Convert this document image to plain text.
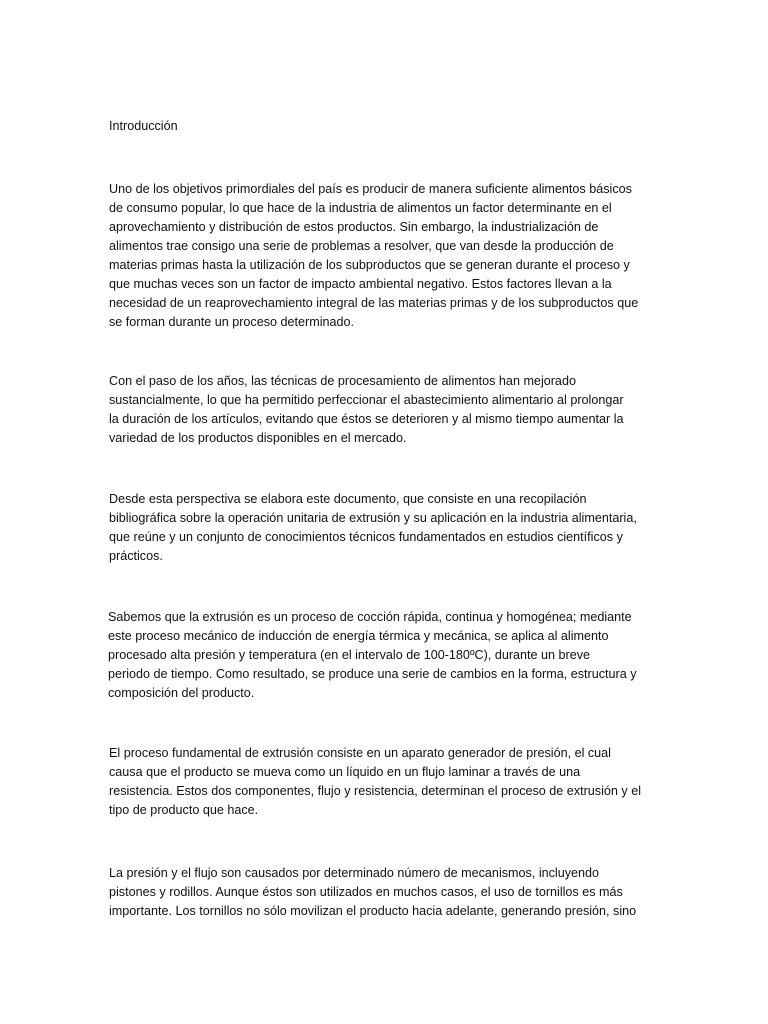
Introducción

Uno de los objetivos primordiales del país es producir de manera suficiente alimentos básicos
de consumo popular, lo que hace de la industria de alimentos un factor determinante en el
aprovechamiento y distribución de estos productos. Sin embargo, la industrialización de
alimentos trae consigo una serie de problemas a resolver, que van desde la producción de
materias primas hasta la utilización de los subproductos que se generan durante el proceso y
que muchas veces son un factor de impacto ambiental negativo. Estos factores llevan a la
necesidad de un reaprovechamiento integral de las materias primas y de los subproductos que
se forman durante un proceso determinado.

Con el paso de los años, las técnicas de procesamiento de alimentos han mejorado
sustancialmente, lo que ha permitido perfeccionar el abastecimiento alimentario al prolongar
la duración de los artículos, evitando que éstos se deterioren y al mismo tiempo aumentar la
variedad de los productos disponibles en el mercado.

Desde esta perspectiva se elabora este documento, que consiste en una recopilación
bibliográfica sobre la operación unitaria de extrusión y su aplicación en la industria alimentaria,
que reúne y un conjunto de conocimientos técnicos fundamentados en estudios científicos y
prácticos.

Sabemos que la extrusión es un proceso de cocción rápida, continua y homogénea; mediante
este proceso mecánico de inducción de energía térmica y mecánica, se aplica al alimento
procesado alta presión y temperatura (en el intervalo de 100-180ºC), durante un breve
periodo de tiempo. Como resultado, se produce una serie de cambios en la forma, estructura y
composición del producto.

El proceso fundamental de extrusión consiste en un aparato generador de presión, el cual
causa que el producto se mueva como un líquido en un flujo laminar a través de una
resistencia. Estos dos componentes, flujo y resistencia, determinan el proceso de extrusión y el
tipo de producto que hace.

La presión y el flujo son causados por determinado número de mecanismos, incluyendo
pistones y rodillos. Aunque éstos son utilizados en muchos casos, el uso de tornillos es más
importante. Los tornillos no sólo movilizan el producto hacia adelante, generando presión, sino
